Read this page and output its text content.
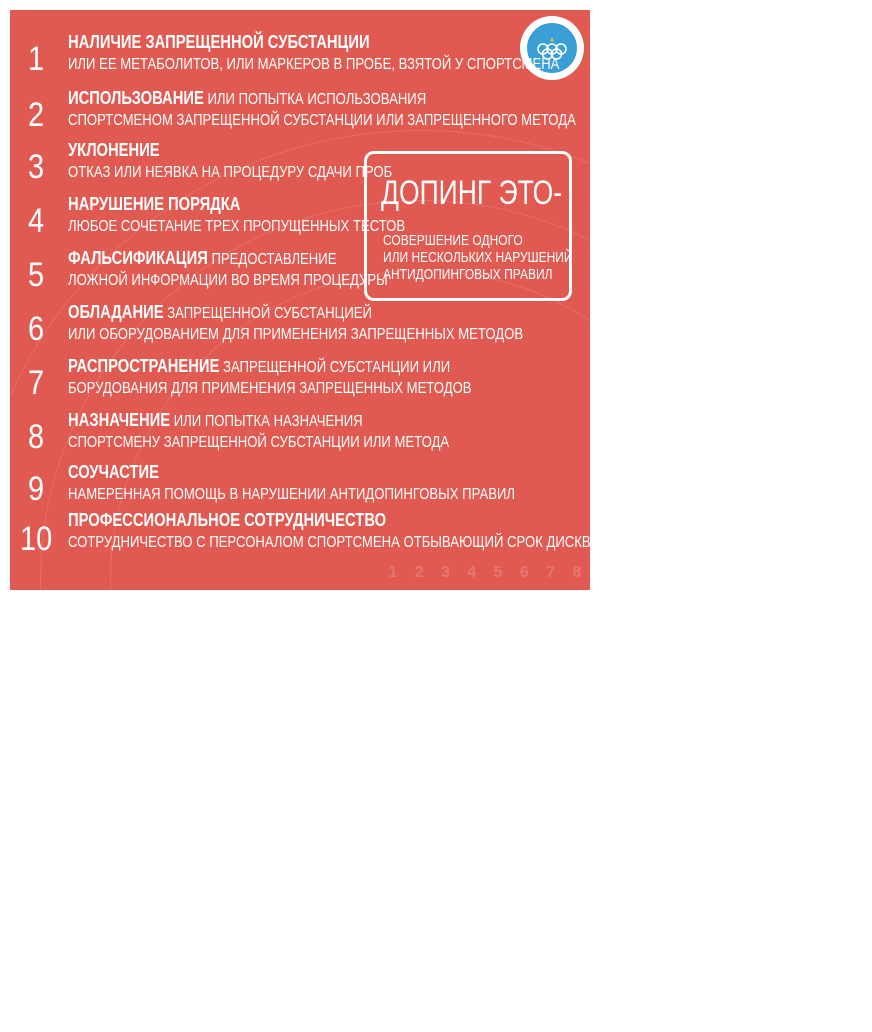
1 2 3 4 5 6 7 8
1 НАЛИЧИЕ ЗАПРЕЩЕННОЙ СУБСТАНЦИИ
ИЛИ ЕЕ МЕТАБОЛИТОВ, ИЛИ МАРКЕРОВ В ПРОБЕ, ВЗЯТОЙ У СПОРТСМЕНА
2 ИСПОЛЬЗОВАНИЕ ИЛИ ПОПЫТКА ИСПОЛЬЗОВАНИЯ
СПОРТСМЕНОМ ЗАПРЕЩЕННОЙ СУБСТАНЦИИ ИЛИ ЗАПРЕЩЕННОГО МЕТОДА
3 УКЛОНЕНИЕ
ОТКАЗ ИЛИ НЕЯВКА НА ПРОЦЕДУРУ СДАЧИ ПРОБ
4 НАРУШЕНИЕ ПОРЯДКА
ЛЮБОЕ СОЧЕТАНИЕ ТРЕХ ПРОПУЩЕННЫХ ТЕСТОВ
5 ФАЛЬСИФИКАЦИЯ ПРЕДОСТАВЛЕНИЕ
ЛОЖНОЙ ИНФОРМАЦИИ ВО ВРЕМЯ ПРОЦЕДУРЫ
6 ОБЛАДАНИЕ ЗАПРЕЩЕННОЙ СУБСТАНЦИЕЙ
ИЛИ ОБОРУДОВАНИЕМ ДЛЯ ПРИМЕНЕНИЯ ЗАПРЕЩЕННЫХ МЕТОДОВ
7 РАСПРОСТРАНЕНИЕ ЗАПРЕЩЕННОЙ СУБСТАНЦИИ ИЛИ
БОРУДОВАНИЯ ДЛЯ ПРИМЕНЕНИЯ ЗАПРЕЩЕННЫХ МЕТОДОВ
8 НАЗНАЧЕНИЕ ИЛИ ПОПЫТКА НАЗНАЧЕНИЯ
СПОРТСМЕНУ ЗАПРЕЩЕННОЙ СУБСТАНЦИИ ИЛИ МЕТОДА
9 СОУЧАСТИЕ
НАМЕРЕННАЯ ПОМОЩЬ В НАРУШЕНИИ АНТИДОПИНГОВЫХ ПРАВИЛ
10 ПРОФЕССИОНАЛЬНОЕ СОТРУДНИЧЕСТВО
СОТРУДНИЧЕСТВО С ПЕРСОНАЛОМ СПОРТСМЕНА ОТБЫВАЮЩИЙ СРОК ДИСКВАЛИФИКАЦИИ
ДОПИНГ ЭТО-
СОВЕРШЕНИЕ ОДНОГО
ИЛИ НЕСКОЛЬКИХ НАРУШЕНИЙ
АНТИДОПИНГОВЫХ ПРАВИЛ
